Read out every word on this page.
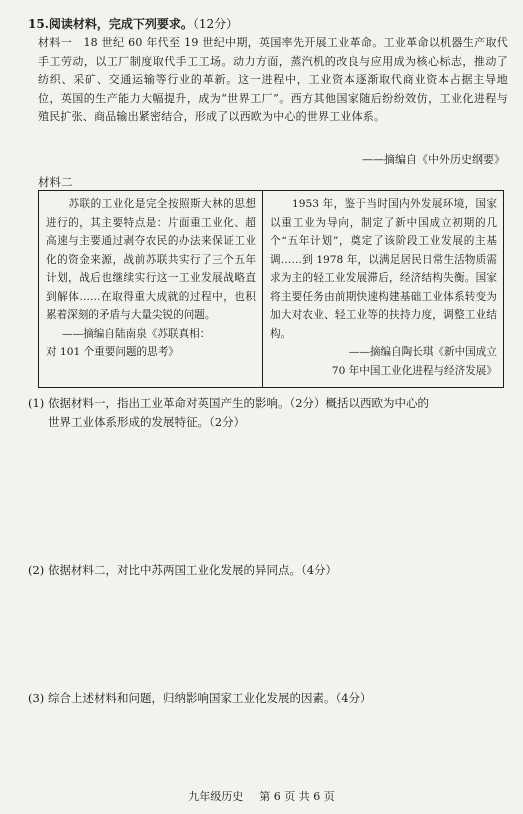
15.阅读材料，完成下列要求。（12分）
材料一 18 世纪 60 年代至 19 世纪中期，英国率先开展工业革命。工业革命以机器生产取代手工劳动，以工厂制度取代手工工场。动力方面，蒸汽机的改良与应用成为核心标志，推动了纺织、采矿、交通运输等行业的革新。这一进程中，工业资本逐渐取代商业资本占据主导地位，英国的生产能力大幅提升，成为“世界工厂”。西方其他国家随后纷纷效仿，工业化进程与殖民扩张、商品输出紧密结合，形成了以西欧为中心的世界工业体系。
——摘编自《中外历史纲要》
材料二
苏联的工业化是完全按照斯大林的思想进行的，其主要特点是：片面重工业化、超高速与主要通过剥夺农民的办法来保证工业化的资金来源，战前苏联共实行了三个五年计划，战后也继续实行这一工业发展战略直到解体……在取得重大成就的过程中，也积累着深刻的矛盾与大量尖锐的问题。
——摘编自陆南泉《苏联真相：
对 101 个重要问题的思考》
1953 年，鉴于当时国内外发展环境，国家以重工业为导向，制定了新中国成立初期的几个“五年计划”，奠定了该阶段工业发展的主基调……到 1978 年，以满足居民日常生活物质需求为主的轻工业发展滞后，经济结构失衡。国家将主要任务由前期快速构建基础工业体系转变为加大对农业、轻工业等的扶持力度，调整工业结构。
——摘编自陶长琪《新中国成立
70 年中国工业化进程与经济发展》
(1) 依据材料一，指出工业革命对英国产生的影响。（2分）概括以西欧为中心的
世界工业体系形成的发展特征。（2分）
(2) 依据材料二，对比中苏两国工业化发展的异同点。（4分）
(3) 综合上述材料和问题，归纳影响国家工业化发展的因素。（4分）
九年级历史 第 6 页 共 6 页
